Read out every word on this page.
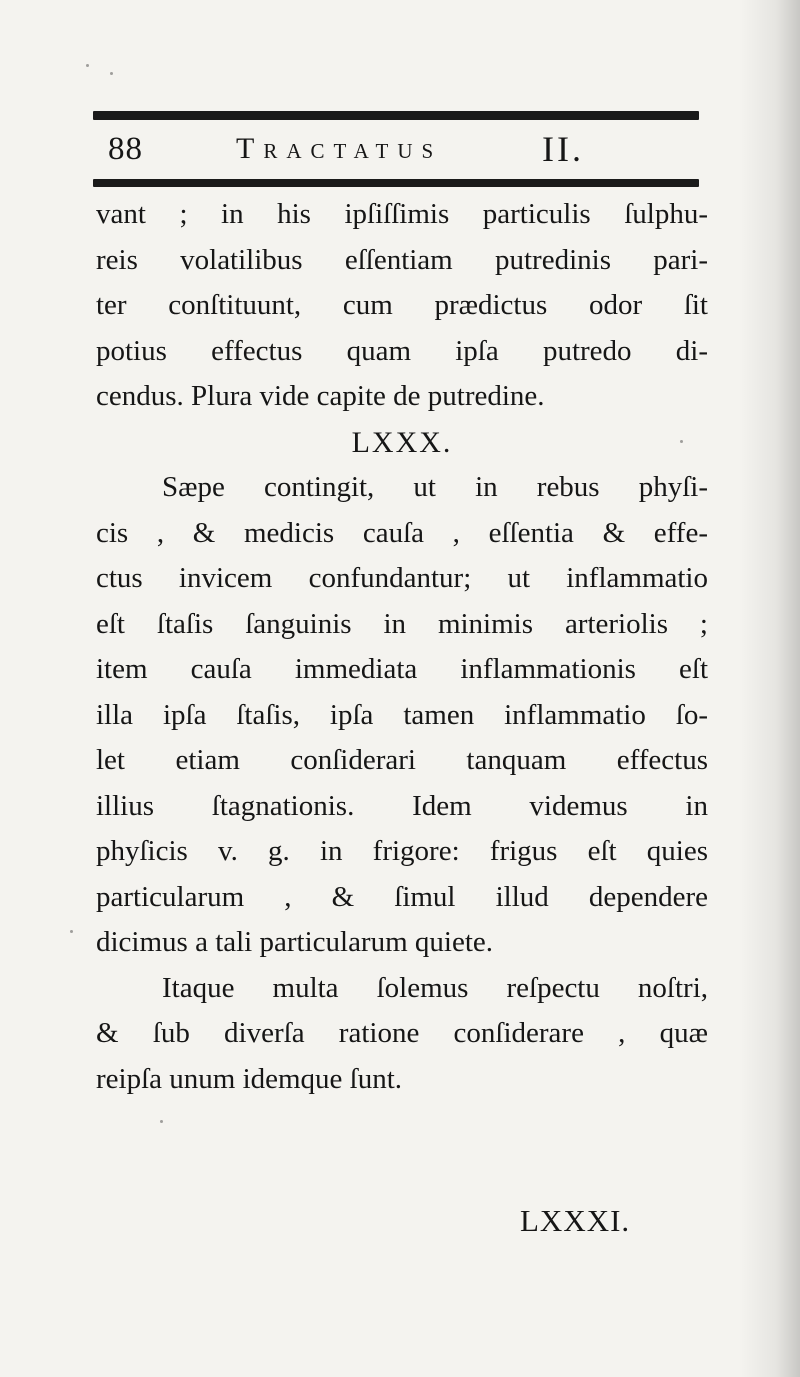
88	Tractatus	II.
vant ; in his ipſiſſimis particulis ſulphu-
reis volatilibus eſſentiam putredinis pari-
ter conſtituunt, cum prædictus odor ſit
potius effectus quam ipſa putredo di-
cendus. Plura vide capite de putredine.
LXXX.
Sæpe contingit, ut in rebus phyſi-
cis , & medicis cauſa , eſſentia & effe-
ctus invicem confundantur; ut inflammatio
eſt ſtaſis ſanguinis in minimis arteriolis ;
item cauſa immediata inflammationis eſt
illa ipſa ſtaſis, ipſa tamen inflammatio ſo-
let etiam conſiderari tanquam effectus
illius ſtagnationis. Idem videmus in
phyſicis v. g. in frigore: frigus eſt quies
particularum , & ſimul illud dependere
dicimus a tali particularum quiete.
Itaque multa ſolemus reſpectu noſtri,
& ſub diverſa ratione conſiderare , quæ
reipſa unum idemque ſunt.
LXXXI.
